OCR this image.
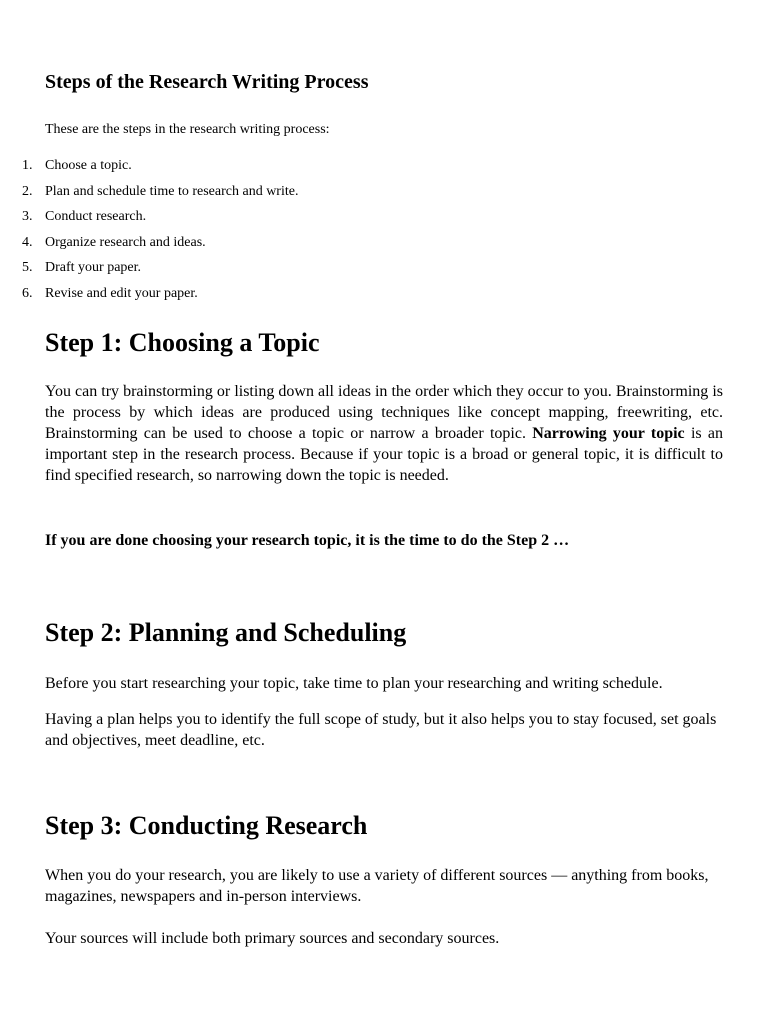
Steps of the Research Writing Process

These are the steps in the research writing process:

1. Choose a topic.
2. Plan and schedule time to research and write.
3. Conduct research.
4. Organize research and ideas.
5. Draft your paper.
6. Revise and edit your paper.
Step 1: Choosing a Topic

You can try brainstorming or listing down all ideas in the order which they occur to you. Brainstorming is the process by which ideas are produced using techniques like concept mapping, freewriting, etc. Brainstorming can be used to choose a topic or narrow a broader topic. Narrowing your topic is an important step in the research process. Because if your topic is a broad or general topic, it is difficult to find specified research, so narrowing down the topic is needed.

If you are done choosing your research topic, it is the time to do the Step 2 …

Step 2: Planning and Scheduling

Before you start researching your topic, take time to plan your researching and writing schedule.

Having a plan helps you to identify the full scope of study, but it also helps you to stay focused, set goals and objectives, meet deadline, etc.

Step 3: Conducting Research

When you do your research, you are likely to use a variety of different sources — anything from books, magazines, newspapers and in-person interviews.

Your sources will include both primary sources and secondary sources.
